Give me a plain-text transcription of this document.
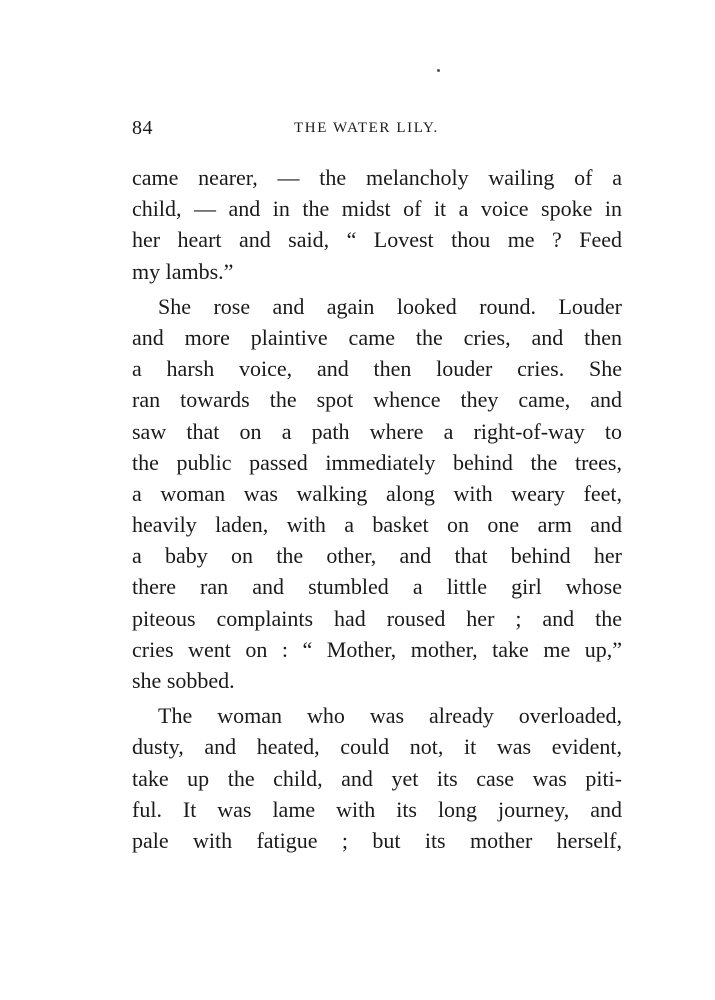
84	THE WATER LILY.
came nearer, — the melancholy wailing of a
child, — and in the midst of it a voice spoke in
her heart and said, “ Lovest thou me ? Feed
my lambs.”
She rose and again looked round. Louder
and more plaintive came the cries, and then
a harsh voice, and then louder cries. She
ran towards the spot whence they came, and
saw that on a path where a right-of-way to
the public passed immediately behind the trees,
a woman was walking along with weary feet,
heavily laden, with a basket on one arm and
a baby on the other, and that behind her
there ran and stumbled a little girl whose
piteous complaints had roused her ; and the
cries went on : “ Mother, mother, take me up,”
she sobbed.
The woman who was already overloaded,
dusty, and heated, could not, it was evident,
take up the child, and yet its case was piti-
ful. It was lame with its long journey, and
pale with fatigue ; but its mother herself,
